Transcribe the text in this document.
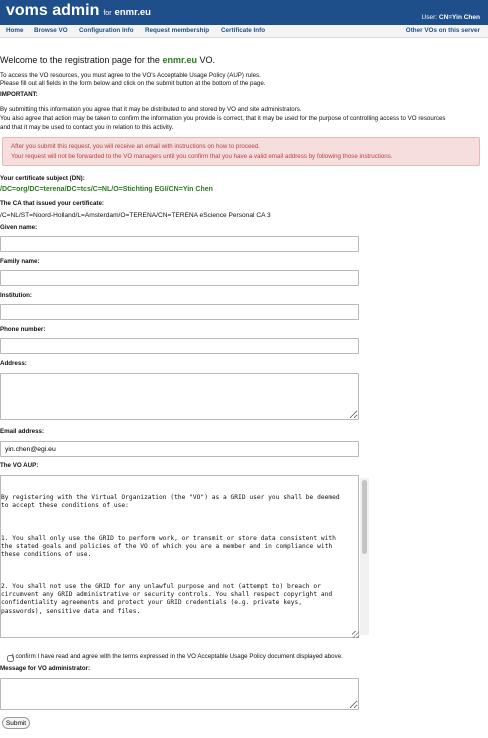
voms admin for enmr.eu	User: CN=Yin Chen
Home Browse VO Configuration Info Request membership Certificate Info	Other VOs on this server
Welcome to the registration page for the enmr.eu VO.
To access the VO resources, you must agree to the VO's Acceptable Usage Policy (AUP) rules.
Please fill out all fields in the form below and click on the submit button at the bottom of the page.
IMPORTANT:
By submitting this information you agree that it may be distributed to and stored by VO and site administrators.
You also agree that action may be taken to confirm the information you provide is correct, that it may be used for the purpose of controlling access to VO resources
and that it may be used to contact you in relation to this activity.
After you submit this request, you will receive an email with instructions on how to proceed.
Your request will not be forwarded to the VO managers until you confirm that you have a valid email address by following those instructions.
Your certificate subject (DN):
/DC=org/DC=terena/DC=tcs/C=NL/O=Stichting EGI/CN=Yin Chen
The CA that issued your certificate:
/C=NL/ST=Noord-Holland/L=Amsterdam/O=TERENA/CN=TERENA eScience Personal CA 3
Given name:
Family name:
Institution:
Phone number:
Address:
Email address:
yin.chen@egi.eu
The VO AUP:

By registering with the Virtual Organization (the "VO") as a GRID user you shall be deemed to accept these conditions of use:

1. You shall only use the GRID to perform work, or transmit or store data consistent with the stated goals and policies of the VO of which you are a member and in compliance with these conditions of use.

2. You shall not use the GRID for any unlawful purpose and not (attempt to) breach or circumvent any GRID administrative or security controls. You shall respect copyright and confidentiality agreements and protect your GRID credentials (e.g. private keys, passwords), sensitive data and files.

I confirm I have read and agree with the terms expressed in the VO Acceptable Usage Policy document displayed above.
Message for VO administrator:
Submit
